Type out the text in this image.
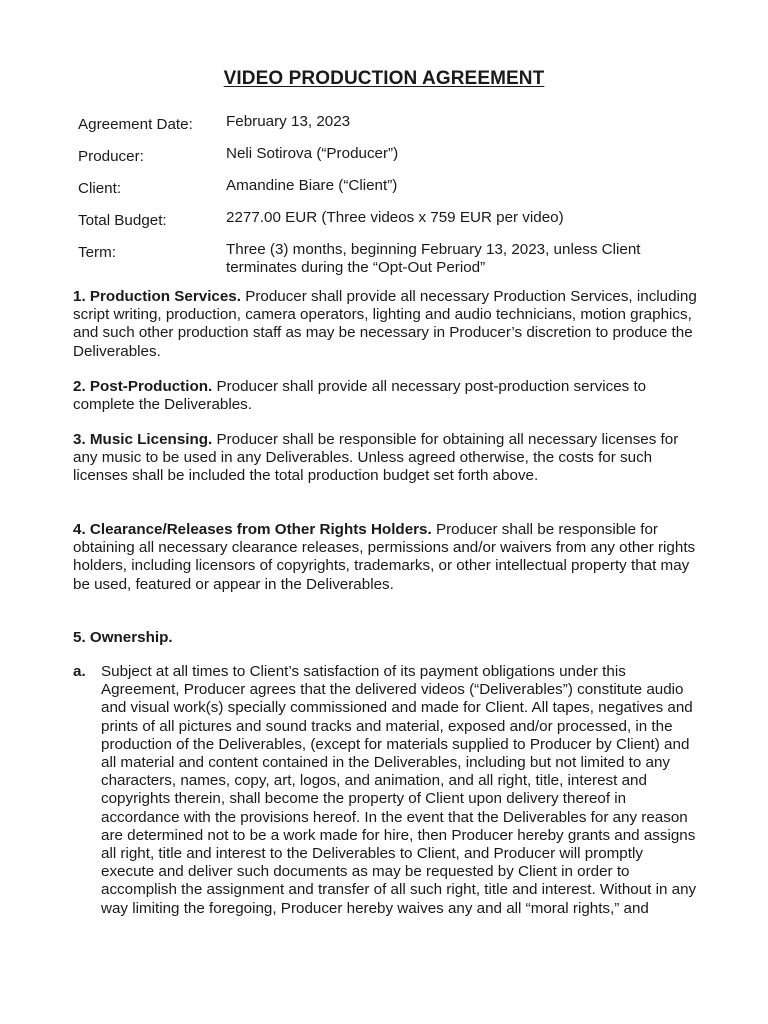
VIDEO PRODUCTION AGREEMENT
Agreement Date:	February 13, 2023
Producer:	Neli Sotirova (“Producer”)
Client:	Amandine Biare (“Client”)
Total Budget:	2277.00 EUR (Three videos x 759 EUR per video)
Term:	Three (3) months, beginning February 13, 2023, unless Client terminates during the “Opt-Out Period”

1. Production Services. Producer shall provide all necessary Production Services, including script writing, production, camera operators, lighting and audio technicians, motion graphics, and such other production staff as may be necessary in Producer’s discretion to produce the Deliverables.

2. Post-Production. Producer shall provide all necessary post-production services to complete the Deliverables.

3. Music Licensing. Producer shall be responsible for obtaining all necessary licenses for any music to be used in any Deliverables. Unless agreed otherwise, the costs for such licenses shall be included the total production budget set forth above.

4. Clearance/Releases from Other Rights Holders. Producer shall be responsible for obtaining all necessary clearance releases, permissions and/or waivers from any other rights holders, including licensors of copyrights, trademarks, or other intellectual property that may be used, featured or appear in the Deliverables.

5. Ownership.

a.	Subject at all times to Client’s satisfaction of its payment obligations under this Agreement, Producer agrees that the delivered videos (“Deliverables”) constitute audio and visual work(s) specially commissioned and made for Client. All tapes, negatives and prints of all pictures and sound tracks and material, exposed and/or processed, in the production of the Deliverables, (except for materials supplied to Producer by Client) and all material and content contained in the Deliverables, including but not limited to any characters, names, copy, art, logos, and animation, and all right, title, interest and copyrights therein, shall become the property of Client upon delivery thereof in accordance with the provisions hereof. In the event that the Deliverables for any reason are determined not to be a work made for hire, then Producer hereby grants and assigns all right, title and interest to the Deliverables to Client, and Producer will promptly execute and deliver such documents as may be requested by Client in order to accomplish the assignment and transfer of all such right, title and interest. Without in any way limiting the foregoing, Producer hereby waives any and all “moral rights,” and
